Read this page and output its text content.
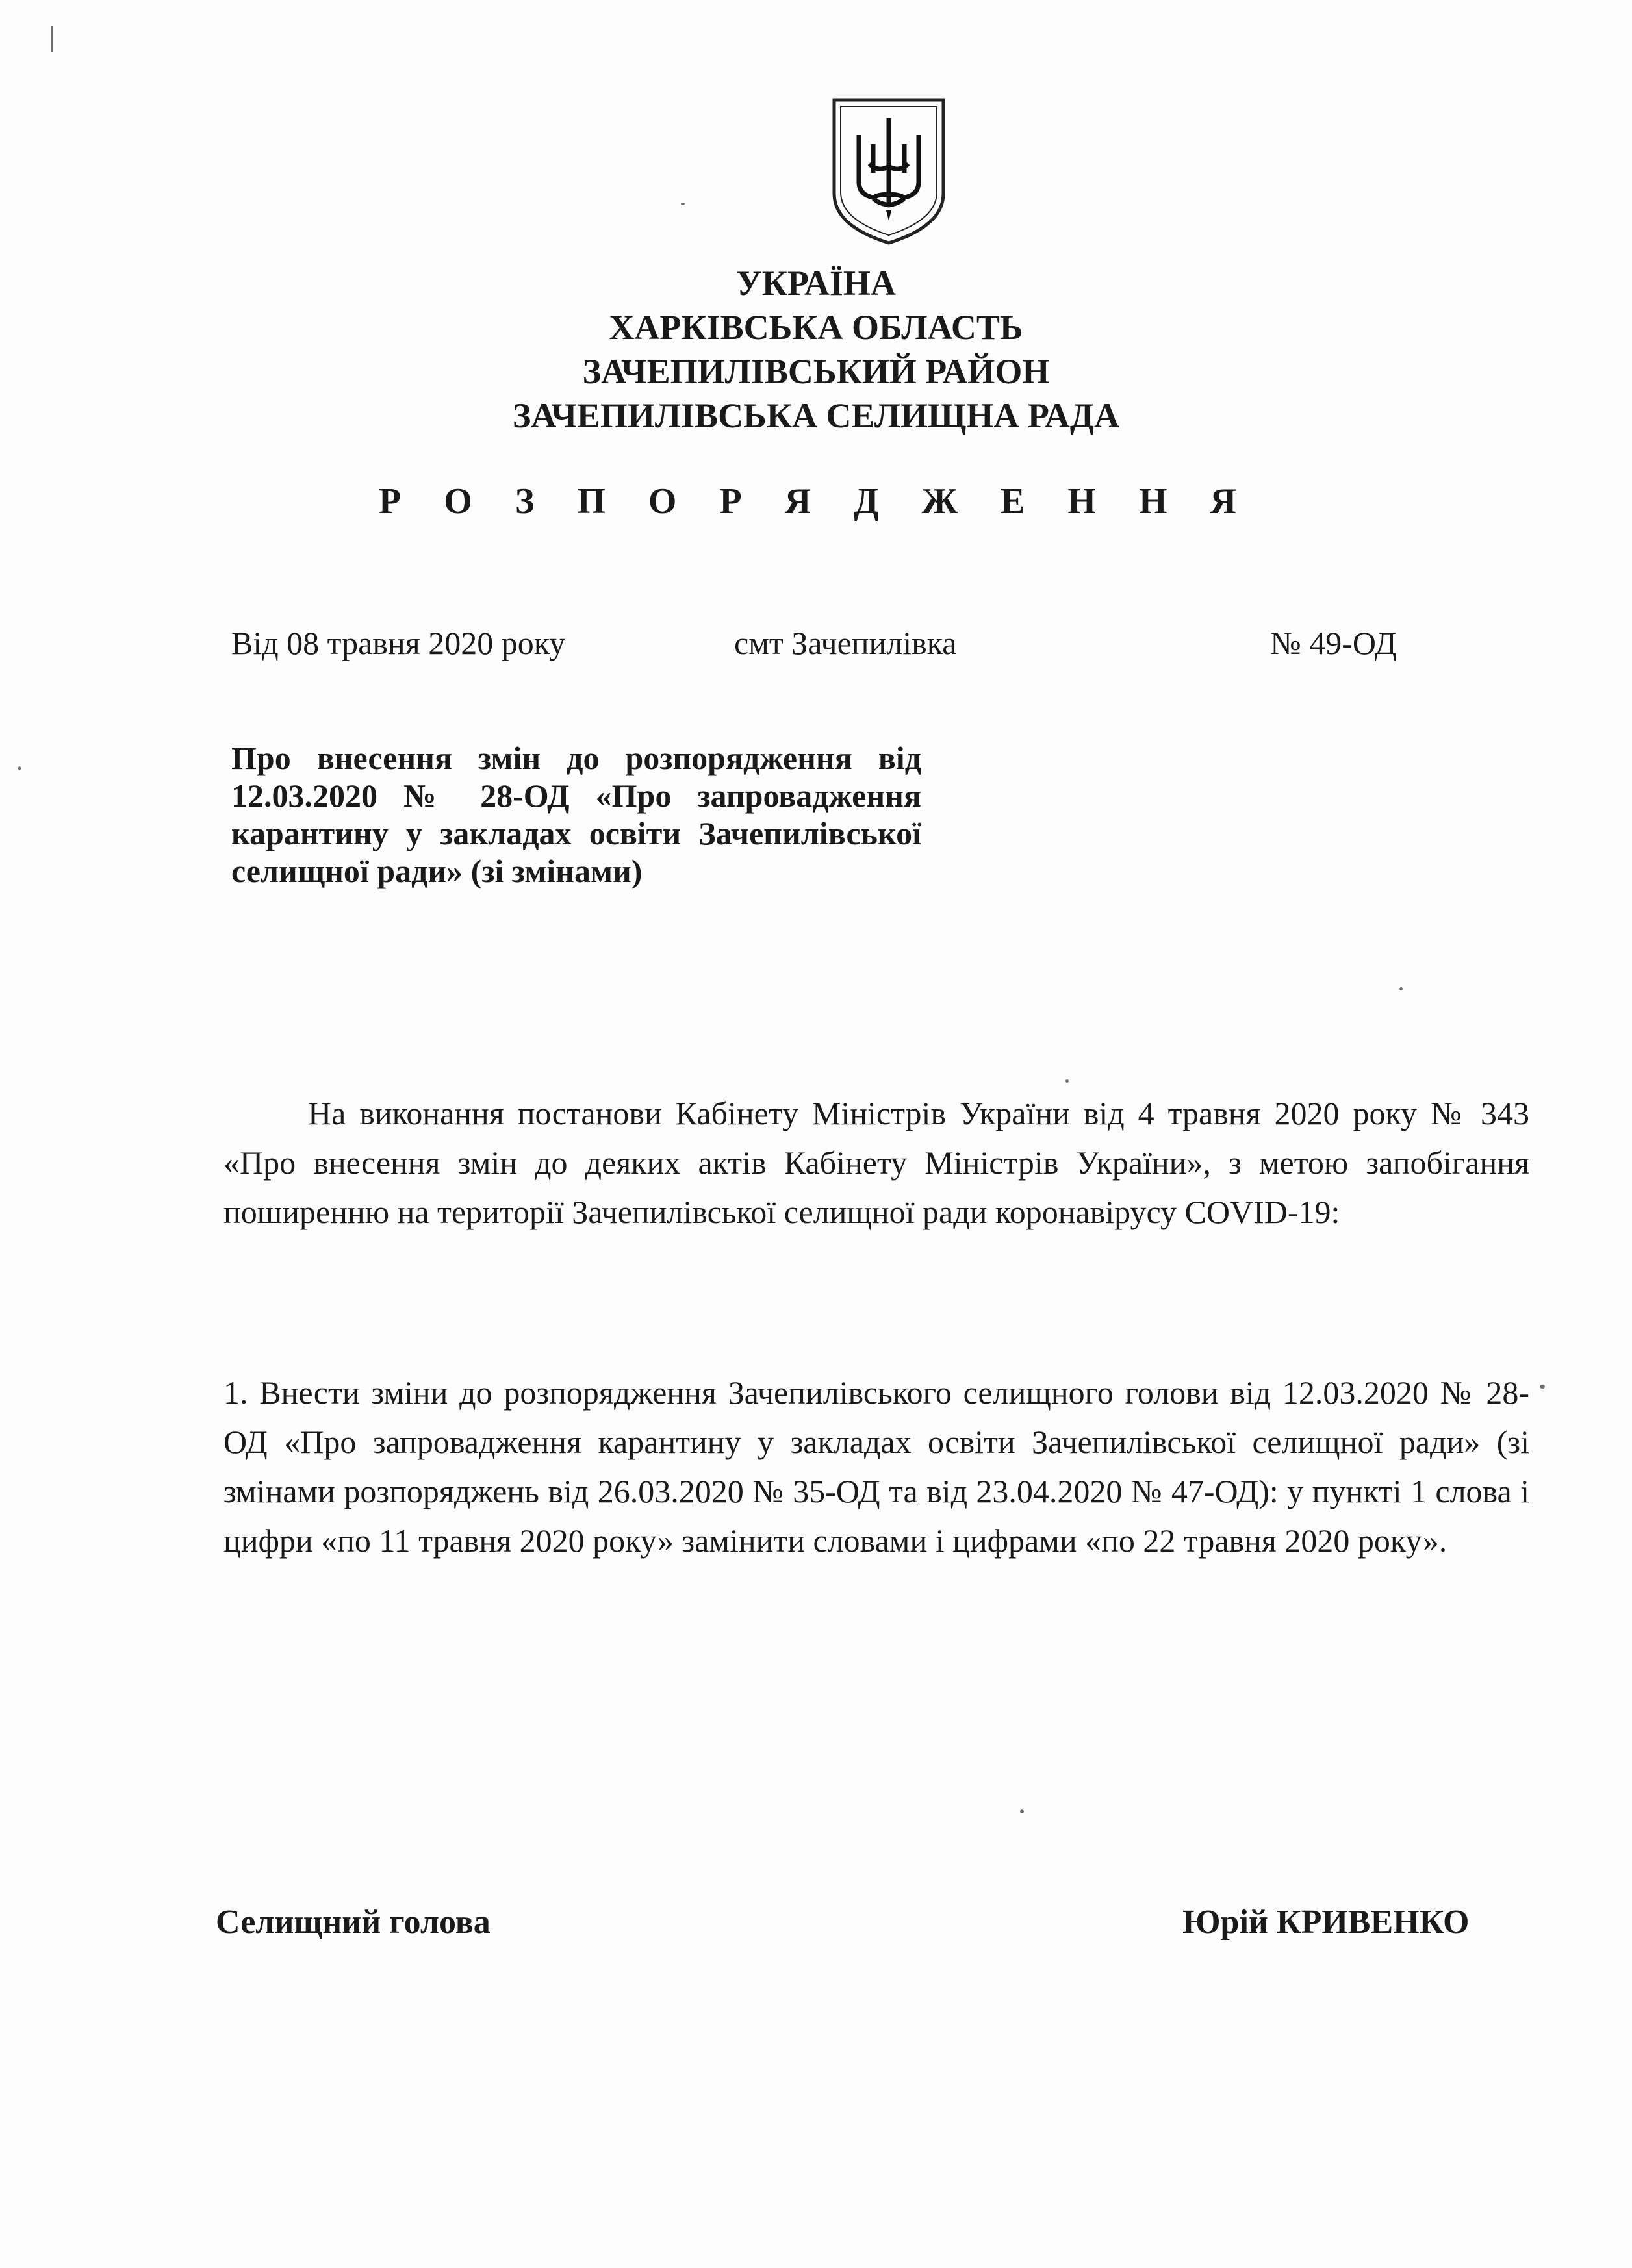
УКРАЇНА
ХАРКІВСЬКА ОБЛАСТЬ
ЗАЧЕПИЛІВСЬКИЙ РАЙОН
ЗАЧЕПИЛІВСЬКА СЕЛИЩНА РАДА
Р О З П О Р Я Д Ж Е Н Н Я
Від 08 травня 2020 року	смт Зачепилівка	№ 49-ОД
Про внесення змін до розпорядження від 12.03.2020 № 28-ОД «Про запровадження карантину у закладах освіти Зачепилівської селищної ради» (зі змінами)
На виконання постанови Кабінету Міністрів України від 4 травня 2020 року № 343 «Про внесення змін до деяких актів Кабінету Міністрів України», з метою запобігання поширенню на території Зачепилівської селищної ради коронавірусу COVID-19:
1. Внести зміни до розпорядження Зачепилівського селищного голови від 12.03.2020 № 28-ОД «Про запровадження карантину у закладах освіти Зачепилівської селищної ради» (зі змінами розпоряджень від 26.03.2020 № 35-ОД та від 23.04.2020 № 47-ОД): у пункті 1 слова і цифри «по 11 травня 2020 року» замінити словами і цифрами «по 22 травня 2020 року».
Селищний голова	Юрій КРИВЕНКО
